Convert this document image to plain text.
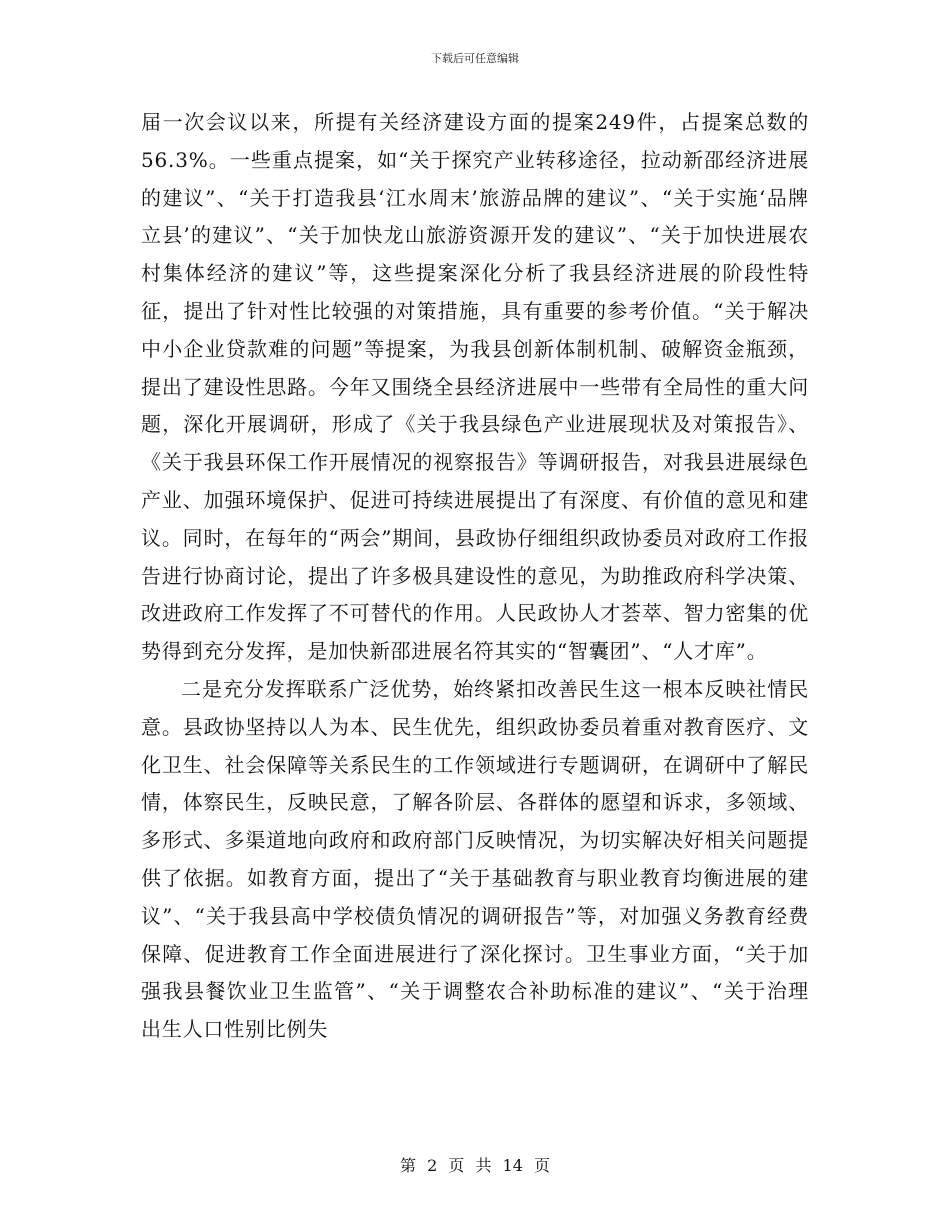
下载后可任意编辑

届一次会议以来，所提有关经济建设方面的提案249件，占提案总数的56.3%。一些重点提案，如“关于探究产业转移途径，拉动新邵经济进展的建议”、“关于打造我县‘江水周末’旅游品牌的建议”、“关于实施‘品牌立县’的建议”、“关于加快龙山旅游资源开发的建议”、“关于加快进展农村集体经济的建议”等，这些提案深化分析了我县经济进展的阶段性特征，提出了针对性比较强的对策措施，具有重要的参考价值。“关于解决中小企业贷款难的问题”等提案，为我县创新体制机制、破解资金瓶颈，提出了建设性思路。今年又围绕全县经济进展中一些带有全局性的重大问题，深化开展调研，形成了《关于我县绿色产业进展现状及对策报告》、《关于我县环保工作开展情况的视察报告》等调研报告，对我县进展绿色产业、加强环境保护、促进可持续进展提出了有深度、有价值的意见和建议。同时，在每年的“两会”期间，县政协仔细组织政协委员对政府工作报告进行协商讨论，提出了许多极具建设性的意见，为助推政府科学决策、改进政府工作发挥了不可替代的作用。人民政协人才荟萃、智力密集的优势得到充分发挥，是加快新邵进展名符其实的“智囊团”、“人才库”。

二是充分发挥联系广泛优势，始终紧扣改善民生这一根本反映社情民意。县政协坚持以人为本、民生优先，组织政协委员着重对教育医疗、文化卫生、社会保障等关系民生的工作领域进行专题调研，在调研中了解民情，体察民生，反映民意，了解各阶层、各群体的愿望和诉求，多领域、多形式、多渠道地向政府和政府部门反映情况，为切实解决好相关问题提供了依据。如教育方面，提出了“关于基础教育与职业教育均衡进展的建议”、“关于我县高中学校债负情况的调研报告”等，对加强义务教育经费保障、促进教育工作全面进展进行了深化探讨。卫生事业方面，“关于加强我县餐饮业卫生监管”、“关于调整农合补助标准的建议”、“关于治理出生人口性别比例失

第 2 页 共 14 页
